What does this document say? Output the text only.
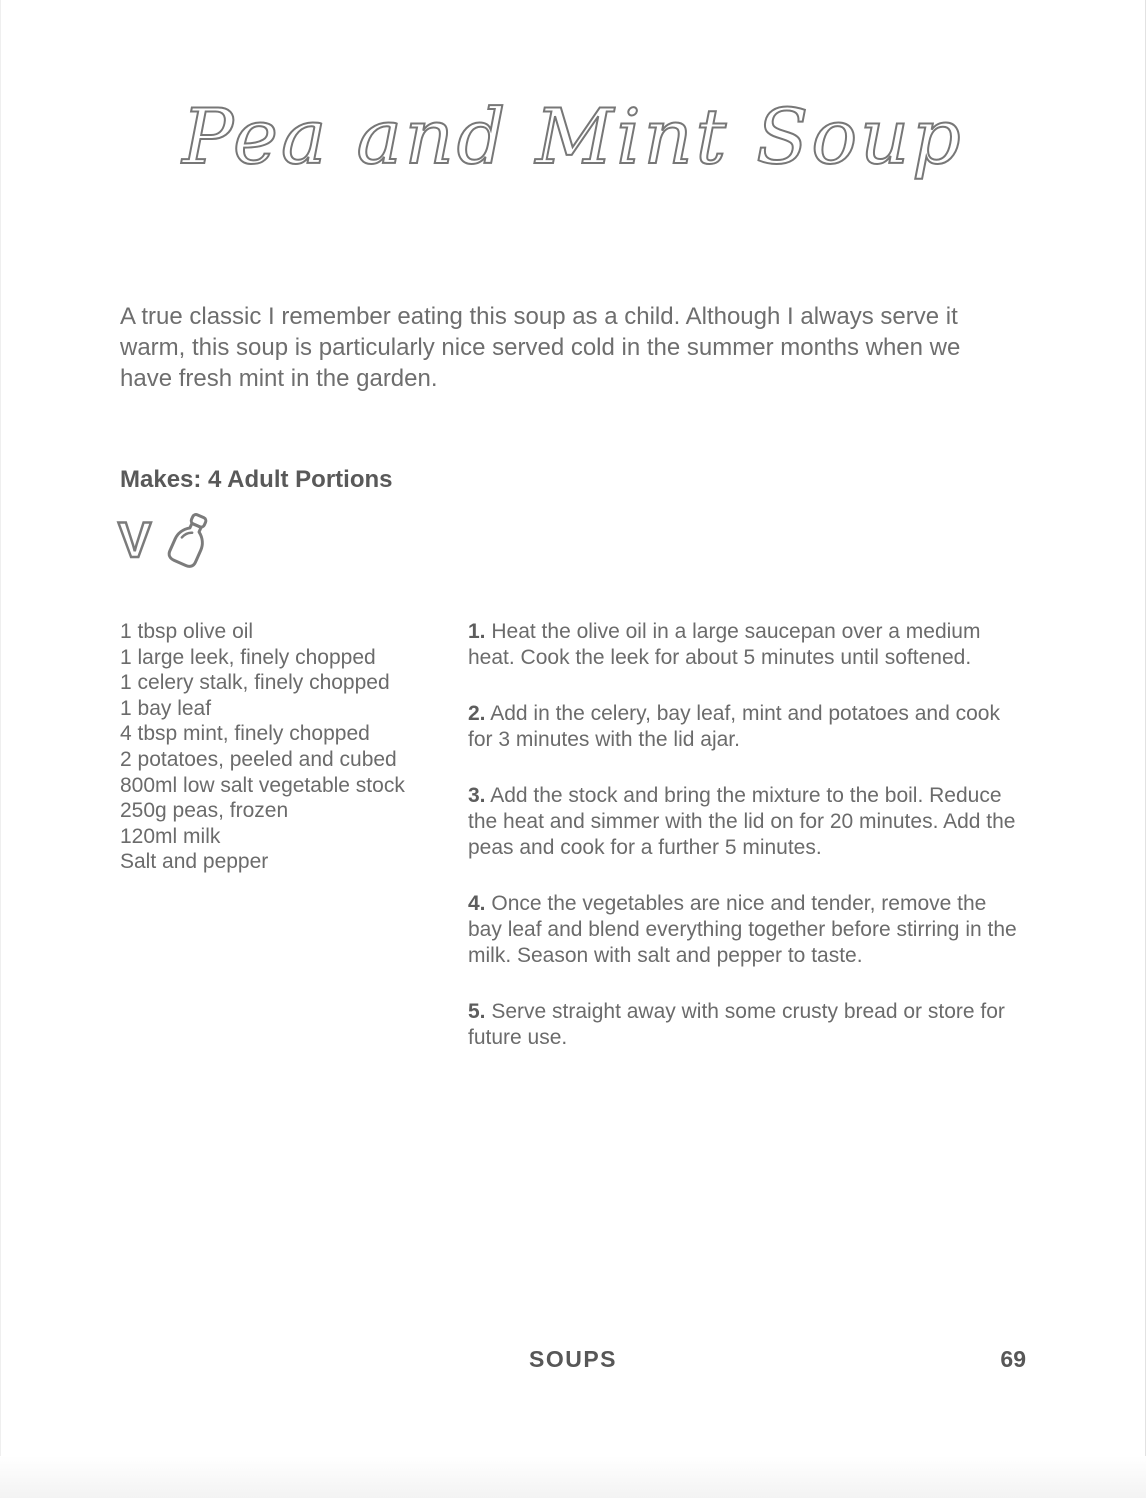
Pea and Mint Soup
A true classic I remember eating this soup as a child. Although I always serve it warm, this soup is particularly nice served cold in the summer months when we have fresh mint in the garden.
Makes: 4 Adult Portions
V
1 tbsp olive oil
1 large leek, finely chopped
1 celery stalk, finely chopped
1 bay leaf
4 tbsp mint, finely chopped
2 potatoes, peeled and cubed
800ml low salt vegetable stock
250g peas, frozen
120ml milk
Salt and pepper

1. Heat the olive oil in a large saucepan over a medium heat. Cook the leek for about 5 minutes until softened.

2. Add in the celery, bay leaf, mint and potatoes and cook for 3 minutes with the lid ajar.

3. Add the stock and bring the mixture to the boil. Reduce the heat and simmer with the lid on for 20 minutes. Add the peas and cook for a further 5 minutes.

4. Once the vegetables are nice and tender, remove the bay leaf and blend everything together before stirring in the milk. Season with salt and pepper to taste.

5. Serve straight away with some crusty bread or store for future use.

SOUPS	69
